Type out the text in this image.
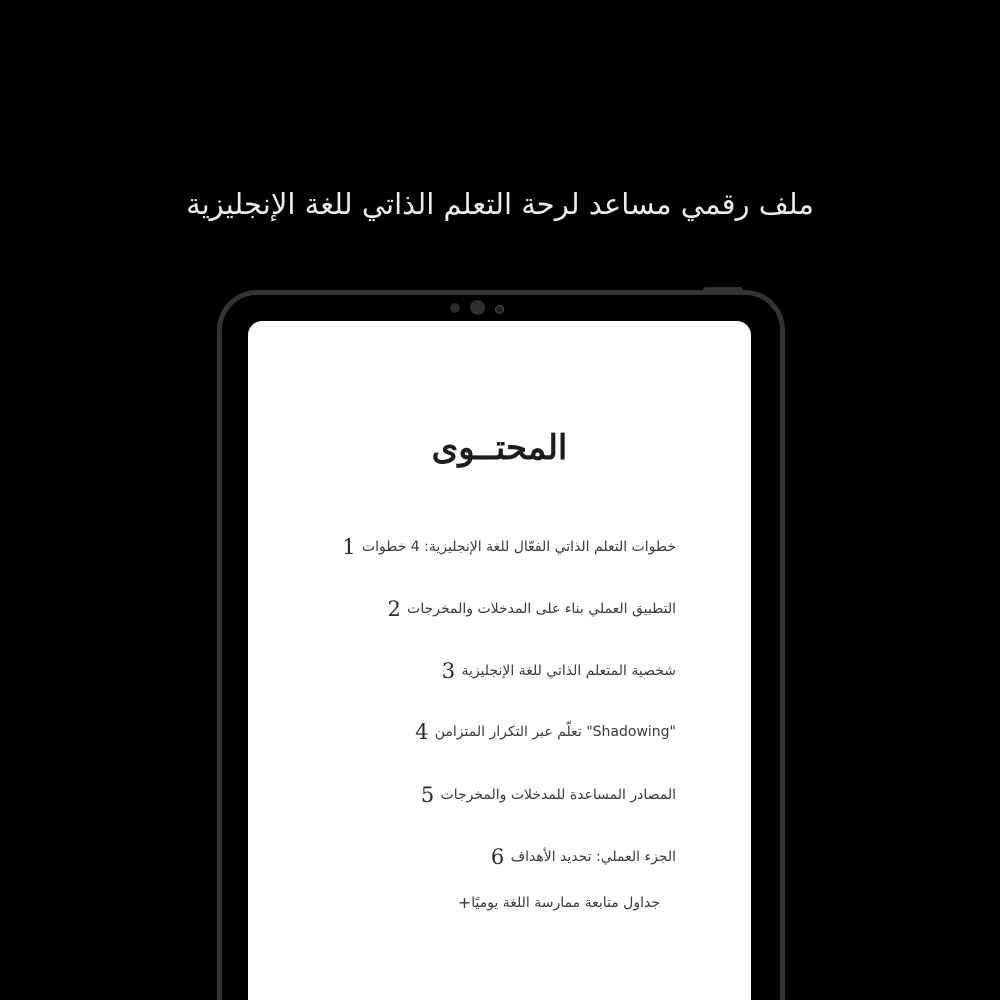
ملف رقمي مساعد لرحة التعلم الذاتي للغة الإنجليزية
المحتــوى
1 خطوات التعلم الذاتي الفعّال للغة الإنجليزية: 4 خطوات
2 التطبيق العملي بناء على المدخلات والمخرجات
3 شخصية المتعلم الذاتي للغة الإنجليزية
4 "Shadowing" تعلّم عبر التكرار المتزامن
5 المصادر المساعدة للمدخلات والمخرجات
6 الجزء العملي: تحديد الأهداف
+ جداول متابعة ممارسة اللغة يوميًا
